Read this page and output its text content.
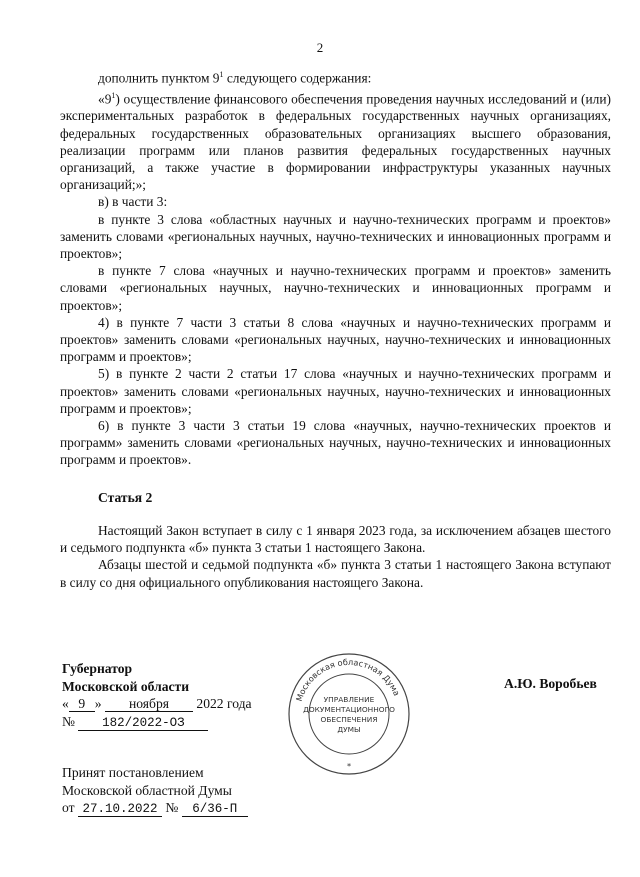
2

дополнить пунктом $9^1$ следующего содержания:

«$9^1$) осуществление финансового обеспечения проведения научных исследований и (или) экспериментальных разработок в федеральных государственных научных организациях, федеральных государственных образовательных организациях высшего образования, реализации программ или планов развития федеральных государственных научных организаций, а также участие в формировании инфраструктуры указанных научных организаций;»;

в) в части 3:

в пункте 3 слова «областных научных и научно-технических программ и проектов» заменить словами «региональных научных, научно-технических и инновационных программ и проектов»;

в пункте 7 слова «научных и научно-технических программ и проектов» заменить словами «региональных научных, научно-технических и инновационных программ и проектов»;

4) в пункте 7 части 3 статьи 8 слова «научных и научно-технических программ и проектов» заменить словами «региональных научных, научно-технических и инновационных программ и проектов»;

5) в пункте 2 части 2 статьи 17 слова «научных и научно-технических программ и проектов» заменить словами «региональных научных, научно-технических и инновационных программ и проектов»;

6) в пункте 3 части 3 статьи 19 слова «научных, научно-технических проектов и программ» заменить словами «региональных научных, научно-технических и инновационных программ и проектов».

Статья 2

Настоящий Закон вступает в силу с 1 января 2023 года, за исключением абзацев шестого и седьмого подпункта «б» пункта 3 статьи 1 настоящего Закона.

Абзацы шестой и седьмой подпункта «б» пункта 3 статьи 1 настоящего Закона вступают в силу со дня официального опубликования настоящего Закона.

Губернатор
Московской области
« 9 » ноября 2022 года
№ 182/2022-ОЗ
А.Ю. Воробьев
Московская областная Дума
*
УПРАВЛЕНИЕ
ДОКУМЕНТАЦИОННОГО
ОБЕСПЕЧЕНИЯ
ДУМЫ
Принят постановлением
Московской областной Думы
от 27.10.2022 № 6/36-П
